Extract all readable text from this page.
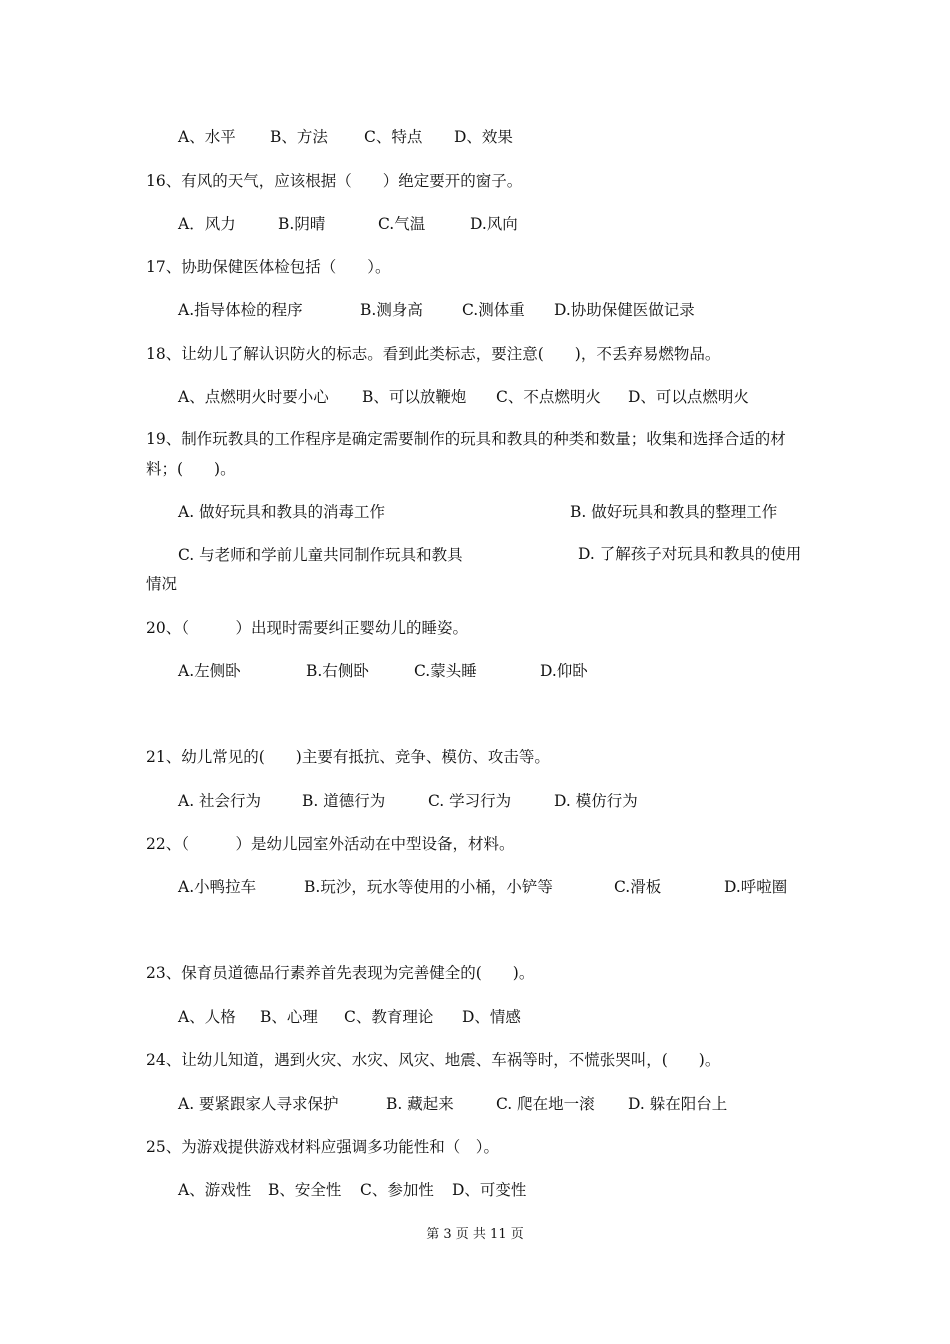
A、水平 B、方法 C、特点 D、效果
16、有风的天气，应该根据（　　）绝定要开的窗子。
A．风力	B.阴晴	C.气温	D.风向
17、协助保健医体检包括（　　）。
A.指导体检的程序	B.测身高	C.测体重 D.协助保健医做记录
18、让幼儿了解认识防火的标志。看到此类标志，要注意(　　)，不丢弃易燃物品。
A、点燃明火时要小心 B、可以放鞭炮 C、不点燃明火 D、可以点燃明火
19、制作玩教具的工作程序是确定需要制作的玩具和教具的种类和数量；收集和选择合适的材料；(　　)。
A. 做好玩具和教具的消毒工作	B. 做好玩具和教具的整理工作
C. 与老师和学前儿童共同制作玩具和教具	D. 了解孩子对玩具和教具的使用情况
20、（　　　）出现时需要纠正婴幼儿的睡姿。
A.左侧卧	B.右侧卧	C.蒙头睡	D.仰卧
21、幼儿常见的(　　)主要有抵抗、竞争、模仿、攻击等。
A. 社会行为	B. 道德行为	C. 学习行为	D. 模仿行为
22、（　　　）是幼儿园室外活动在中型设备，材料。
A.小鸭拉车	B.玩沙，玩水等使用的小桶，小铲等	C.滑板	D.呼啦圈
23、保育员道德品行素养首先表现为完善健全的(　　)。
A、人格 B、心理 C、教育理论 D、情感
24、让幼儿知道，遇到火灾、水灾、风灾、地震、车祸等时，不慌张哭叫，(　　)。
A. 要紧跟家人寻求保护	B. 藏起来	C. 爬在地一滚 D. 躲在阳台上
25、为游戏提供游戏材料应强调多功能性和（　）。
A、游戏性 B、安全性 C、参加性 D、可变性
第 3 页 共 11 页
